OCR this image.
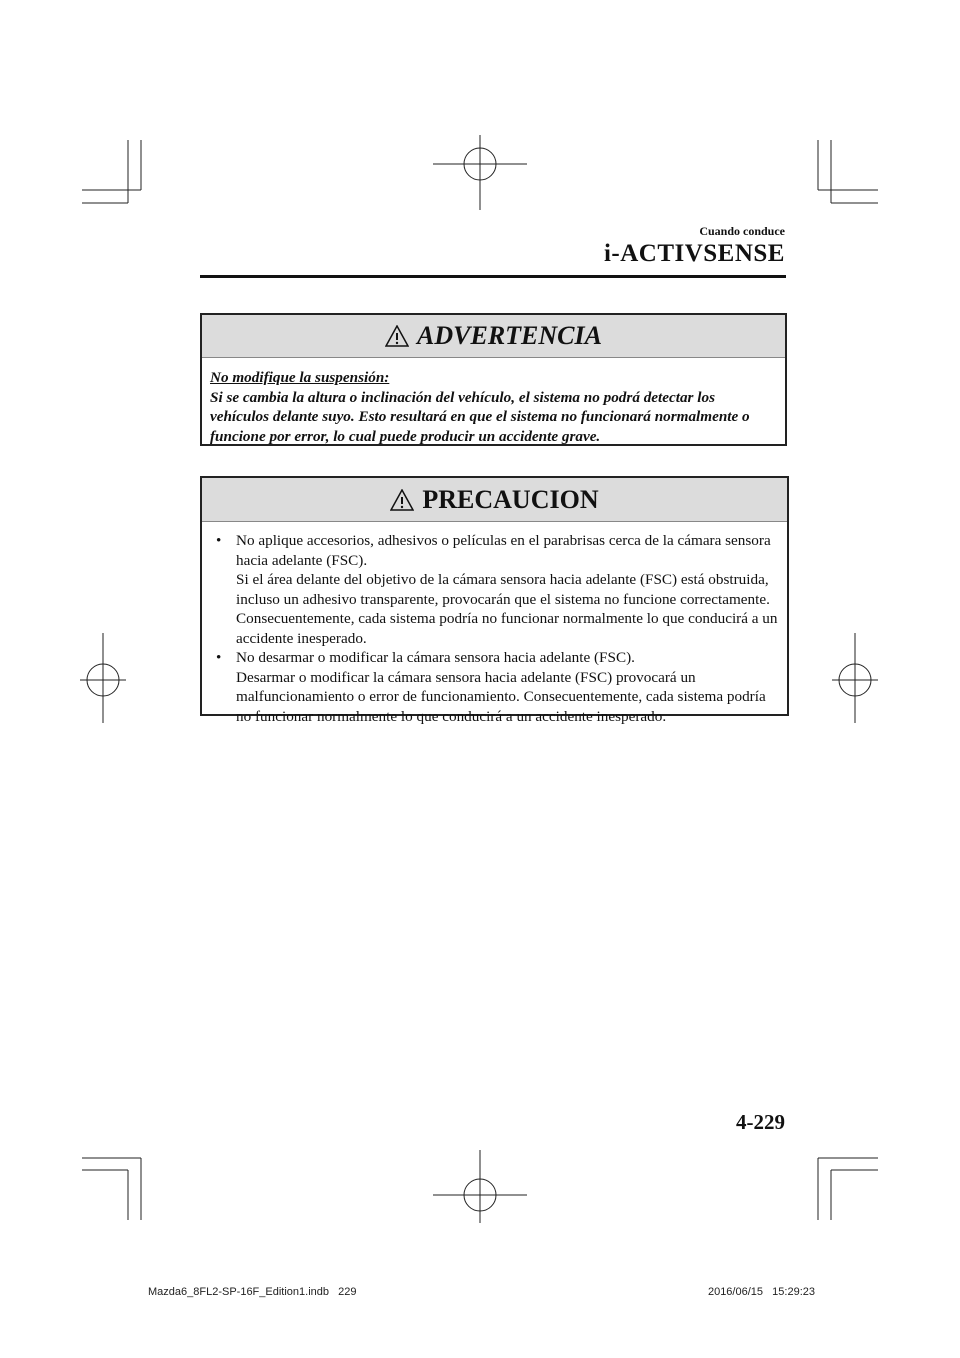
Cuando conduce
i-ACTIVSENSE
ADVERTENCIA
No modifique la suspensión:
Si se cambia la altura o inclinación del vehículo, el sistema no podrá detectar los vehículos delante suyo. Esto resultará en que el sistema no funcionará normalmente o funcione por error, lo cual puede producir un accidente grave.
PRECAUCION
• No aplique accesorios, adhesivos o películas en el parabrisas cerca de la cámara sensora hacia adelante (FSC).
Si el área delante del objetivo de la cámara sensora hacia adelante (FSC) está obstruida, incluso un adhesivo transparente, provocarán que el sistema no funcione correctamente. Consecuentemente, cada sistema podría no funcionar normalmente lo que conducirá a un accidente inesperado.
• No desarmar o modificar la cámara sensora hacia adelante (FSC).
Desarmar o modificar la cámara sensora hacia adelante (FSC) provocará un malfuncionamiento o error de funcionamiento. Consecuentemente, cada sistema podría no funcionar normalmente lo que conducirá a un accidente inesperado.
4-229
Mazda6_8FL2-SP-16F_Edition1.indb   229	2016/06/15   15:29:23
